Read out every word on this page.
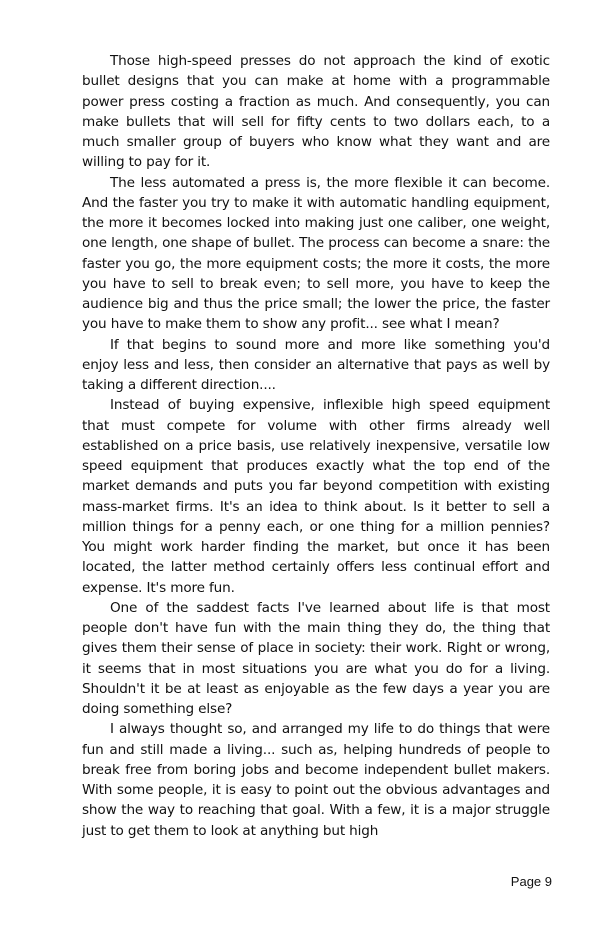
Those high-speed presses do not approach the kind of exotic bullet designs that you can make at home with a programmable power press costing a fraction as much. And consequently, you can make bullets that will sell for fifty cents to two dollars each, to a much smaller group of buyers who know what they want and are willing to pay for it.

The less automated a press is, the more flexible it can become. And the faster you try to make it with automatic handling equipment, the more it becomes locked into making just one caliber, one weight, one length, one shape of bullet. The process can become a snare: the faster you go, the more equipment costs; the more it costs, the more you have to sell to break even; to sell more, you have to keep the audience big and thus the price small; the lower the price, the faster you have to make them to show any profit... see what I mean?

If that begins to sound more and more like something you'd enjoy less and less, then consider an alternative that pays as well by taking a different direction....

Instead of buying expensive, inflexible high speed equipment that must compete for volume with other firms already well established on a price basis, use relatively inexpensive, versatile low speed equipment that produces exactly what the top end of the market demands and puts you far beyond competition with existing mass-market firms. It's an idea to think about. Is it better to sell a million things for a penny each, or one thing for a million pennies? You might work harder finding the market, but once it has been located, the latter method certainly offers less continual effort and expense. It's more fun.

One of the saddest facts I've learned about life is that most people don't have fun with the main thing they do, the thing that gives them their sense of place in society: their work. Right or wrong, it seems that in most situations you are what you do for a living. Shouldn't it be at least as enjoyable as the few days a year you are doing something else?

I always thought so, and arranged my life to do things that were fun and still made a living... such as, helping hundreds of people to break free from boring jobs and become independent bullet makers. With some people, it is easy to point out the obvious advantages and show the way to reaching that goal. With a few, it is a major struggle just to get them to look at anything but high

Page 9
